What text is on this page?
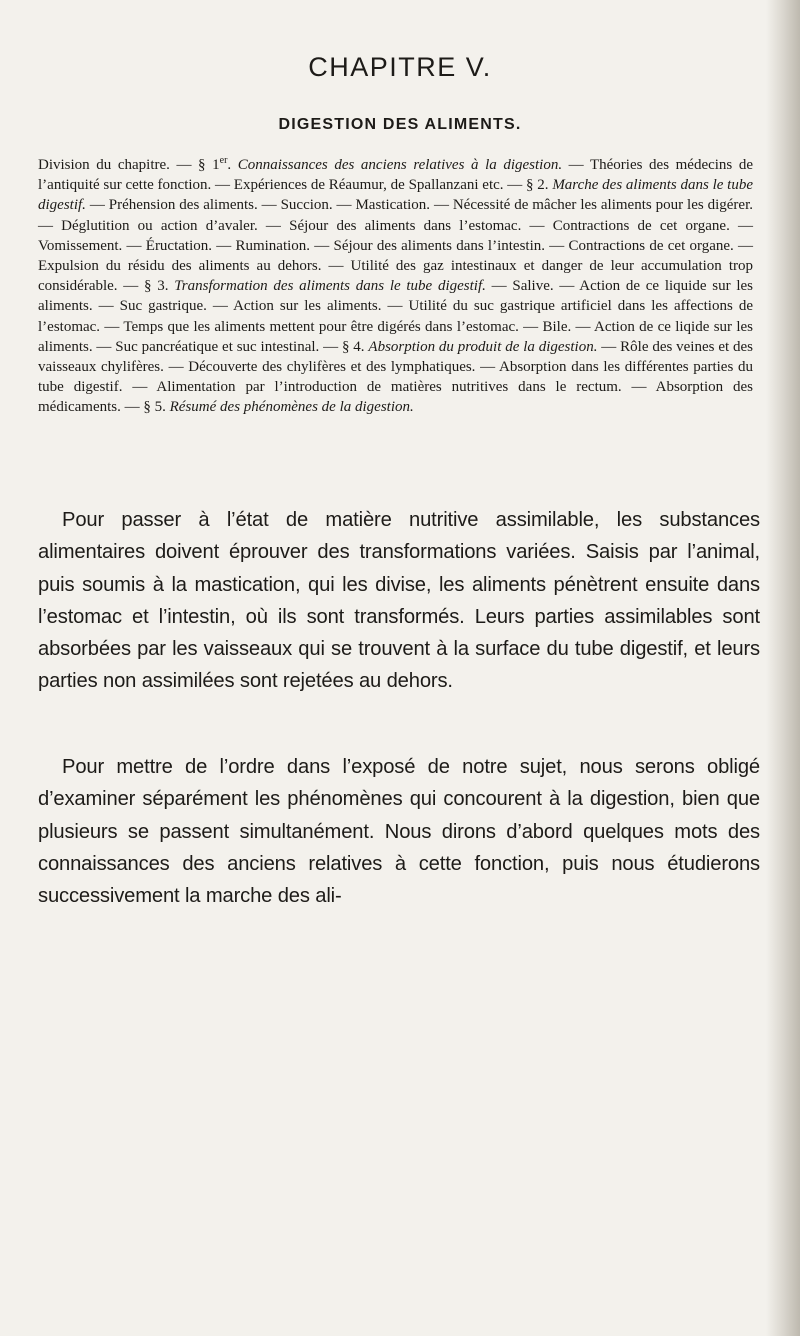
CHAPITRE V.
DIGESTION DES ALIMENTS.
Division du chapitre. — § 1er. Connaissances des anciens relatives à la digestion. — Théories des médecins de l’antiquité sur cette fonction. — Expériences de Réaumur, de Spallanzani etc. — § 2. Marche des aliments dans le tube digestif. — Préhension des aliments. — Succion. — Mastication. — Nécessité de mâcher les aliments pour les digérer. — Déglutition ou action d’avaler. — Séjour des aliments dans l’estomac. — Contractions de cet organe. — Vomissement. — Éructation. — Rumination. — Séjour des aliments dans l’intestin. — Contractions de cet organe. — Expulsion du résidu des aliments au dehors. — Utilité des gaz intestinaux et danger de leur accumulation trop considérable. — § 3. Transformation des aliments dans le tube digestif. — Salive. — Action de ce liquide sur les aliments. — Suc gastrique. — Action sur les aliments. — Utilité du suc gastrique artificiel dans les affections de l’estomac. — Temps que les aliments mettent pour être digérés dans l’estomac. — Bile. — Action de ce liqide sur les aliments. — Suc pancréatique et suc intestinal. — § 4. Absorption du produit de la digestion. — Rôle des veines et des vaisseaux chylifères. — Découverte des chylifères et des lymphatiques. — Absorption dans les différentes parties du tube digestif. — Alimentation par l’introduction de matières nutritives dans le rectum. — Absorption des médicaments. — § 5. Résumé des phénomènes de la digestion.
Pour passer à l’état de matière nutritive assimilable, les substances alimentaires doivent éprouver des transformations variées. Saisis par l’animal, puis soumis à la mastication, qui les divise, les aliments pénètrent ensuite dans l’estomac et l’intestin, où ils sont transformés. Leurs parties assimilables sont absorbées par les vaisseaux qui se trouvent à la surface du tube digestif, et leurs parties non assimilées sont rejetées au dehors.
Pour mettre de l’ordre dans l’exposé de notre sujet, nous serons obligé d’examiner séparément les phénomènes qui concourent à la digestion, bien que plusieurs se passent simultanément. Nous dirons d’abord quelques mots des connaissances des anciens relatives à cette fonction, puis nous étudierons successivement la marche des ali-
